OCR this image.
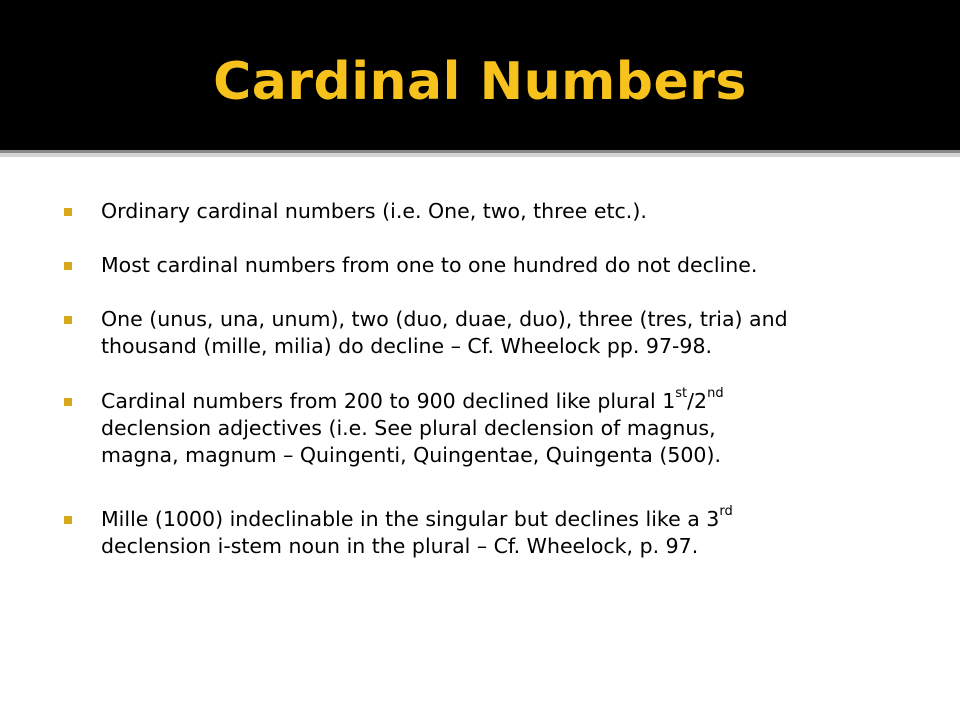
Cardinal Numbers
Ordinary cardinal numbers (i.e. One, two, three etc.).
Most cardinal numbers from one to one hundred do not decline.
One (unus, una, unum), two (duo, duae, duo), three (tres, tria) and
thousand (mille, milia) do decline – Cf. Wheelock pp. 97-98.
Cardinal numbers from 200 to 900 declined like plural 1st/2nd
declension adjectives (i.e. See plural declension of magnus,
magna, magnum – Quingenti, Quingentae, Quingenta (500).
Mille (1000) indeclinable in the singular but declines like a 3rd
declension i-stem noun in the plural – Cf. Wheelock, p. 97.
